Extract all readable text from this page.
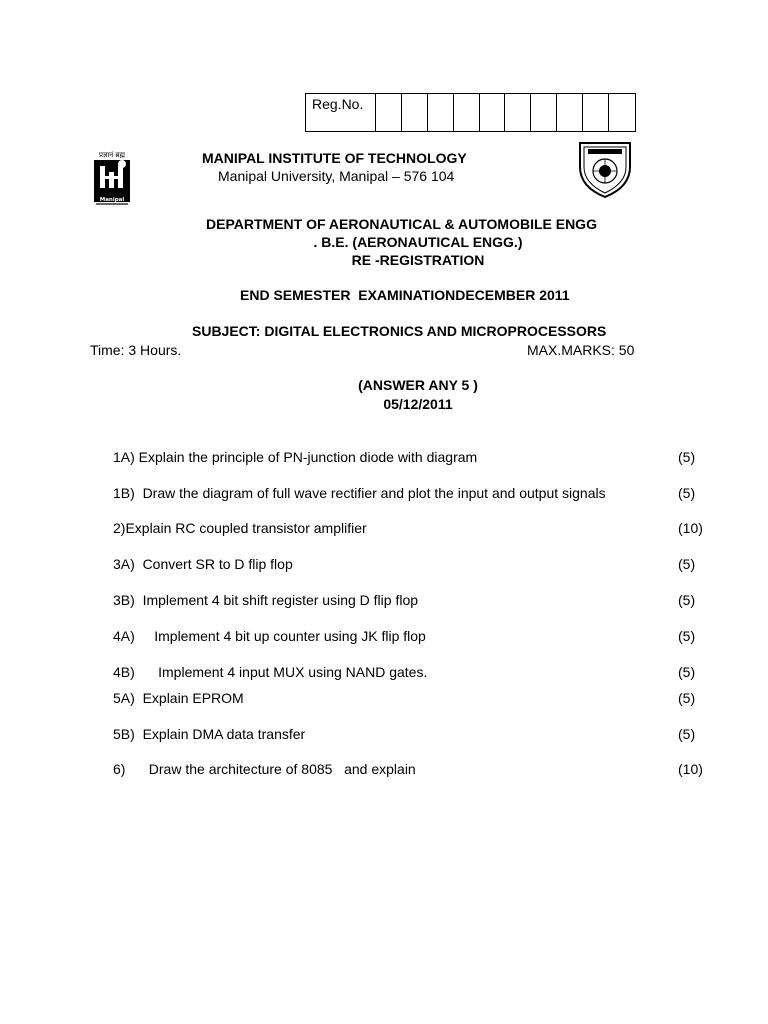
Reg.No.
प्रज्ञानं ब्रह्म
Manipal
MANIPAL INSTITUTE OF TECHNOLOGY
Manipal University, Manipal – 576 104
DEPARTMENT OF AERONAUTICAL & AUTOMOBILE ENGG
. B.E. (AERONAUTICAL ENGG.)
RE -REGISTRATION
END SEMESTER  EXAMINATIONDECEMBER 2011
SUBJECT: DIGITAL ELECTRONICS AND MICROPROCESSORS
Time: 3 Hours.	MAX.MARKS: 50
(ANSWER ANY 5 )
05/12/2011
1A) Explain the principle of PN-junction diode with diagram	(5)
1B)  Draw the diagram of full wave rectifier and plot the input and output signals	(5)
2)Explain RC coupled transistor amplifier	(10)
3A)  Convert SR to D flip flop	(5)
3B)  Implement 4 bit shift register using D flip flop	(5)
4A)     Implement 4 bit up counter using JK flip flop	(5)
4B)      Implement 4 input MUX using NAND gates.	(5)
5A)  Explain EPROM	(5)
5B)  Explain DMA data transfer	(5)
6)      Draw the architecture of 8085   and explain	(10)
